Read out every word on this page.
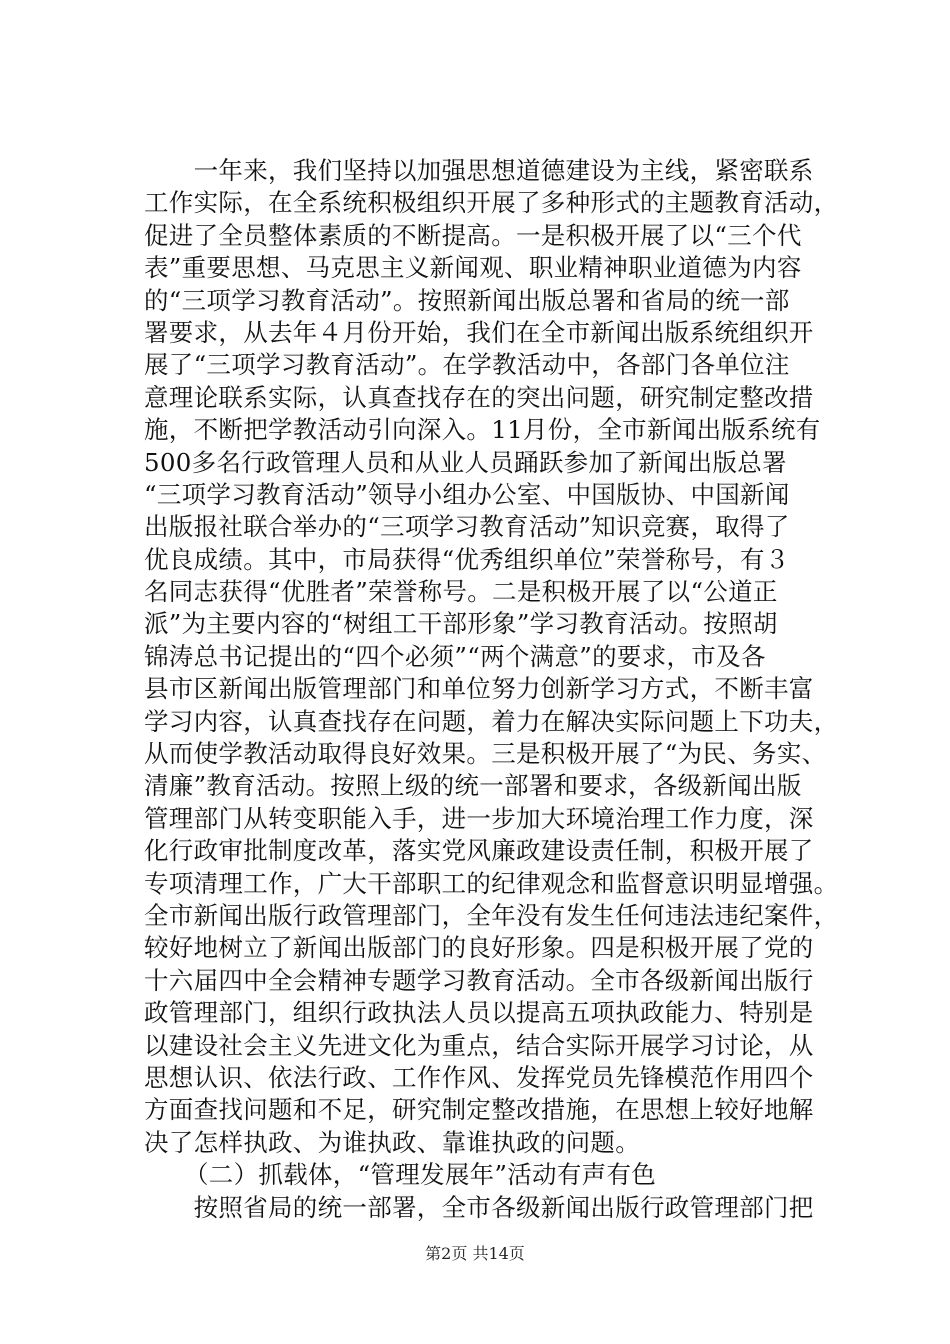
　　一年来，我们坚持以加强思想道德建设为主线，紧密联系
工作实际，在全系统积极组织开展了多种形式的主题教育活动，
促进了全员整体素质的不断提高。一是积极开展了以“三个代
表”重要思想、马克思主义新闻观、职业精神职业道德为内容
的“三项学习教育活动”。按照新闻出版总署和省局的统一部
署要求，从去年４月份开始，我们在全市新闻出版系统组织开
展了“三项学习教育活动”。在学教活动中，各部门各单位注
意理论联系实际，认真查找存在的突出问题，研究制定整改措
施，不断把学教活动引向深入。11月份，全市新闻出版系统有
500多名行政管理人员和从业人员踊跃参加了新闻出版总署
“三项学习教育活动”领导小组办公室、中国版协、中国新闻
出版报社联合举办的“三项学习教育活动”知识竞赛，取得了
优良成绩。其中，市局获得“优秀组织单位”荣誉称号，有３
名同志获得“优胜者”荣誉称号。二是积极开展了以“公道正
派”为主要内容的“树组工干部形象”学习教育活动。按照胡
锦涛总书记提出的“四个必须”“两个满意”的要求，市及各
县市区新闻出版管理部门和单位努力创新学习方式，不断丰富
学习内容，认真查找存在问题，着力在解决实际问题上下功夫，
从而使学教活动取得良好效果。三是积极开展了“为民、务实、
清廉”教育活动。按照上级的统一部署和要求，各级新闻出版
管理部门从转变职能入手，进一步加大环境治理工作力度，深
化行政审批制度改革，落实党风廉政建设责任制，积极开展了
专项清理工作，广大干部职工的纪律观念和监督意识明显增强。
全市新闻出版行政管理部门，全年没有发生任何违法违纪案件，
较好地树立了新闻出版部门的良好形象。四是积极开展了党的
十六届四中全会精神专题学习教育活动。全市各级新闻出版行
政管理部门，组织行政执法人员以提高五项执政能力、特别是
以建设社会主义先进文化为重点，结合实际开展学习讨论，从
思想认识、依法行政、工作作风、发挥党员先锋模范作用四个
方面查找问题和不足，研究制定整改措施，在思想上较好地解
决了怎样执政、为谁执政、靠谁执政的问题。
（二）抓载体，“管理发展年”活动有声有色
　　按照省局的统一部署，全市各级新闻出版行政管理部门把
第2页 共14页
